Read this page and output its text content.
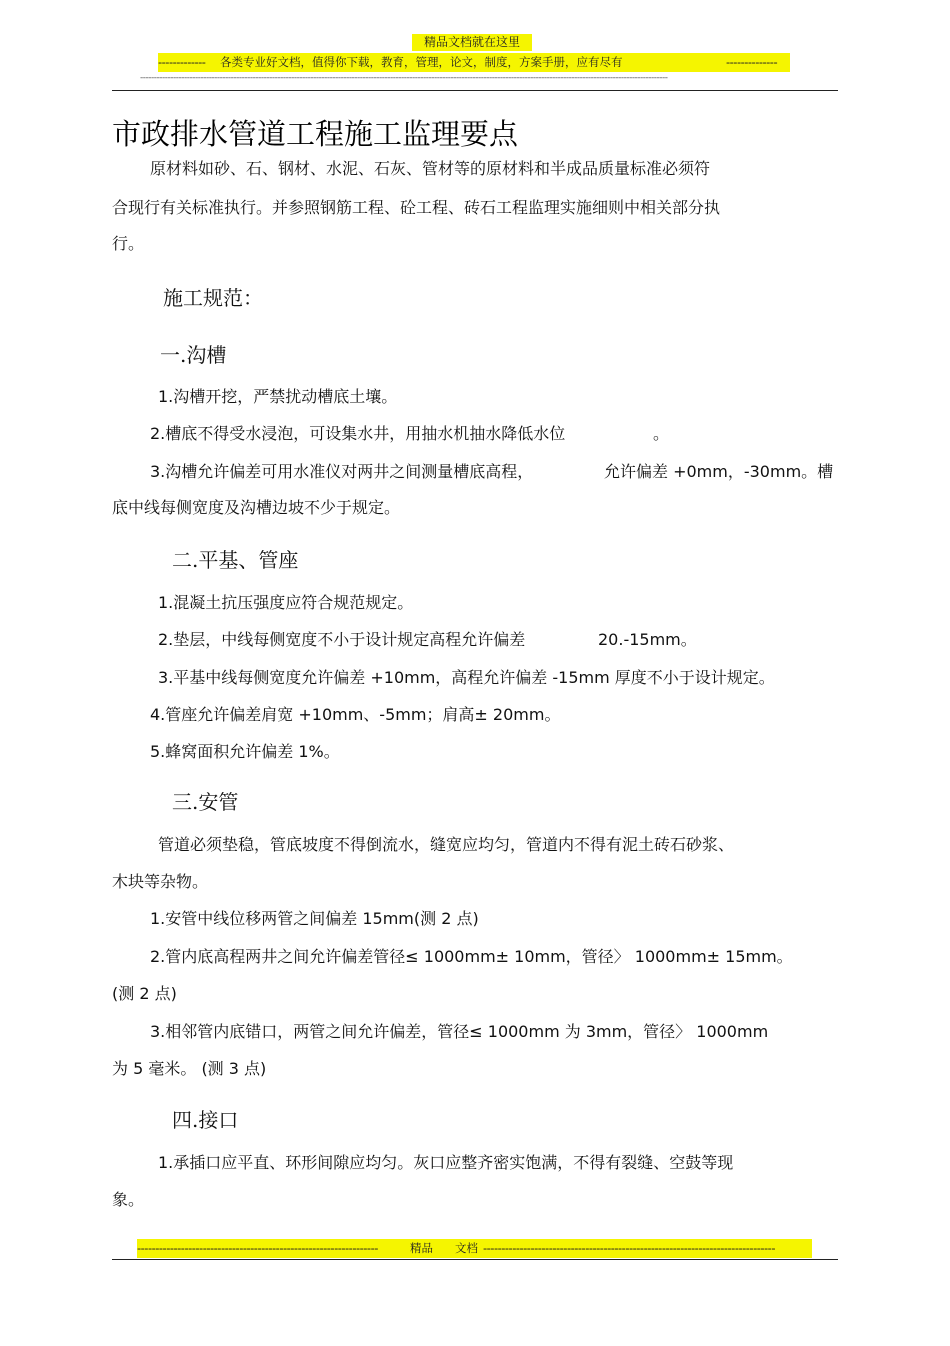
精品文档就在这里
------------- 各类专业好文档，值得你下载，教育，管理，论文，制度，方案手册，应有尽有	--------------
------------------------------------------------------------------------------------------------------------------------------------------------------------------------------------------------
市政排水管道工程施工监理要点
原材料如砂、石、钢材、水泥、石灰、管材等的原材料和半成品质量标准必须符
合现行有关标准执行。并参照钢筋工程、砼工程、砖石工程监理实施细则中相关部分执
行。
施工规范：
一.沟槽
1.沟槽开挖，严禁扰动槽底土壤。
2.槽底不得受水浸泡，可设集水井，用抽水机抽水降低水位	。
3.沟槽允许偏差可用水准仪对两井之间测量槽底高程，	允许偏差 +0mm，-30mm。槽
底中线每侧宽度及沟槽边坡不少于规定。
二.平基、管座
1.混凝土抗压强度应符合规范规定。
2.垫层，中线每侧宽度不小于设计规定高程允许偏差	20.-15mm。
3.平基中线每侧宽度允许偏差 +10mm，高程允许偏差 -15mm 厚度不小于设计规定。
4.管座允许偏差肩宽 +10mm、-5mm；肩高± 20mm。
5.蜂窝面积允许偏差 1%。
三.安管
管道必须垫稳，管底坡度不得倒流水，缝宽应均匀，管道内不得有泥土砖石砂浆、
木块等杂物。
1.安管中线位移两管之间偏差 15mm(测 2 点)
2.管内底高程两井之间允许偏差管径≤ 1000mm± 10mm，管径〉 1000mm± 15mm。
(测 2 点)
3.相邻管内底错口，两管之间允许偏差，管径≤ 1000mm 为 3mm，管径〉 1000mm
为 5 毫米。 (测 3 点)
四.接口
1.承插口应平直、环形间隙应均匀。灰口应整齐密实饱满，不得有裂缝、空鼓等现
象。
------------------------------------------------------------------	精品 文档 --------------------------------------------------------------------------------
